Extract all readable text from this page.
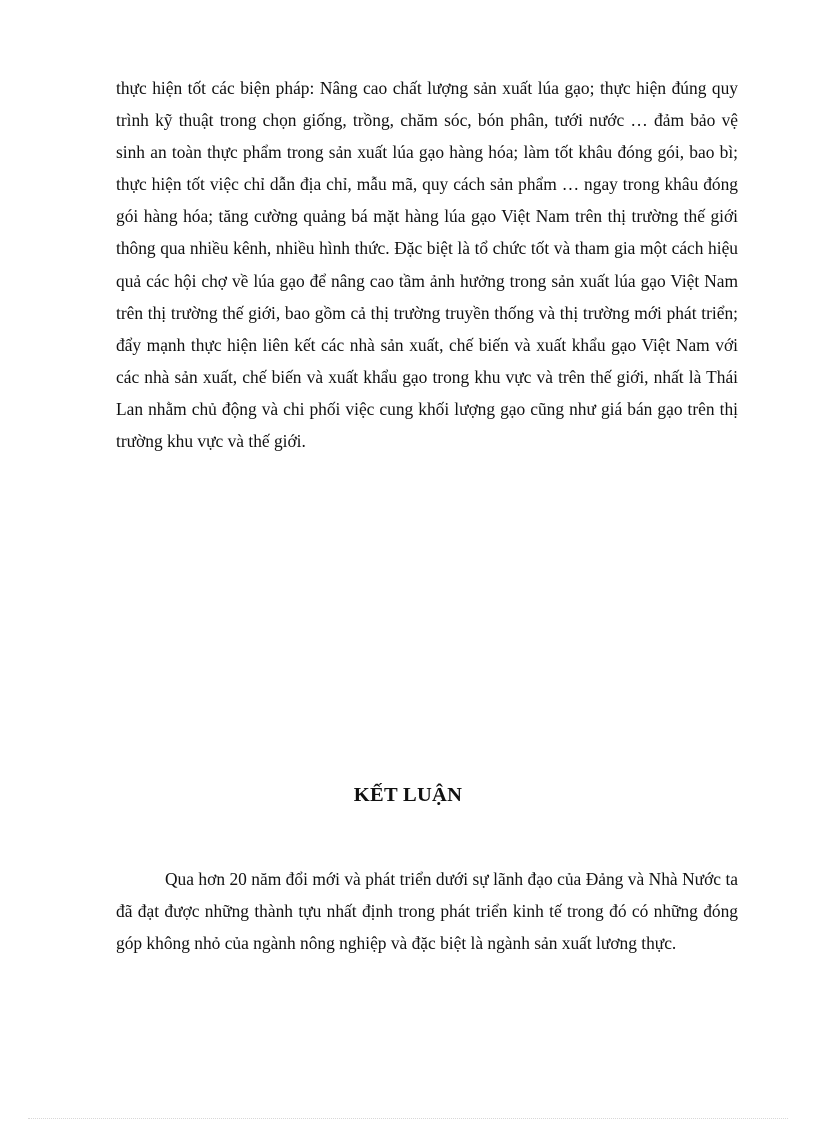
thực hiện tốt các biện pháp: Nâng cao chất lượng sản xuất lúa gạo; thực hiện đúng quy trình kỹ thuật trong chọn giống, trồng, chăm sóc, bón phân, tưới nước … đảm bảo vệ sinh an toàn thực phẩm trong sản xuất lúa gạo hàng hóa; làm tốt khâu đóng gói, bao bì; thực hiện tốt việc chỉ dẫn địa chỉ, mẫu mã, quy cách sản phẩm … ngay trong khâu đóng gói hàng hóa; tăng cường quảng bá mặt hàng lúa gạo Việt Nam trên thị trường thế giới thông qua nhiều kênh, nhiều hình thức. Đặc biệt là tổ chức tốt và tham gia một cách hiệu quả các hội chợ về lúa gạo để nâng cao tầm ảnh hưởng trong sản xuất lúa gạo Việt Nam trên thị trường thế giới, bao gồm cả thị trường truyền thống và thị trường mới phát triển; đẩy mạnh thực hiện liên kết các nhà sản xuất, chế biến và xuất khẩu gạo Việt Nam với các nhà sản xuất, chế biến và xuất khẩu gạo trong khu vực và trên thế giới, nhất là Thái Lan nhằm chủ động và chi phối việc cung khối lượng gạo cũng như giá bán gạo trên thị trường khu vực và thế giới.

KẾT LUẬN

Qua hơn 20 năm đổi mới và phát triển dưới sự lãnh đạo của Đảng và Nhà Nước ta đã đạt được những thành tựu nhất định trong phát triển kinh tế trong đó có những đóng góp không nhỏ của ngành nông nghiệp và đặc biệt là ngành sản xuất lương thực.
